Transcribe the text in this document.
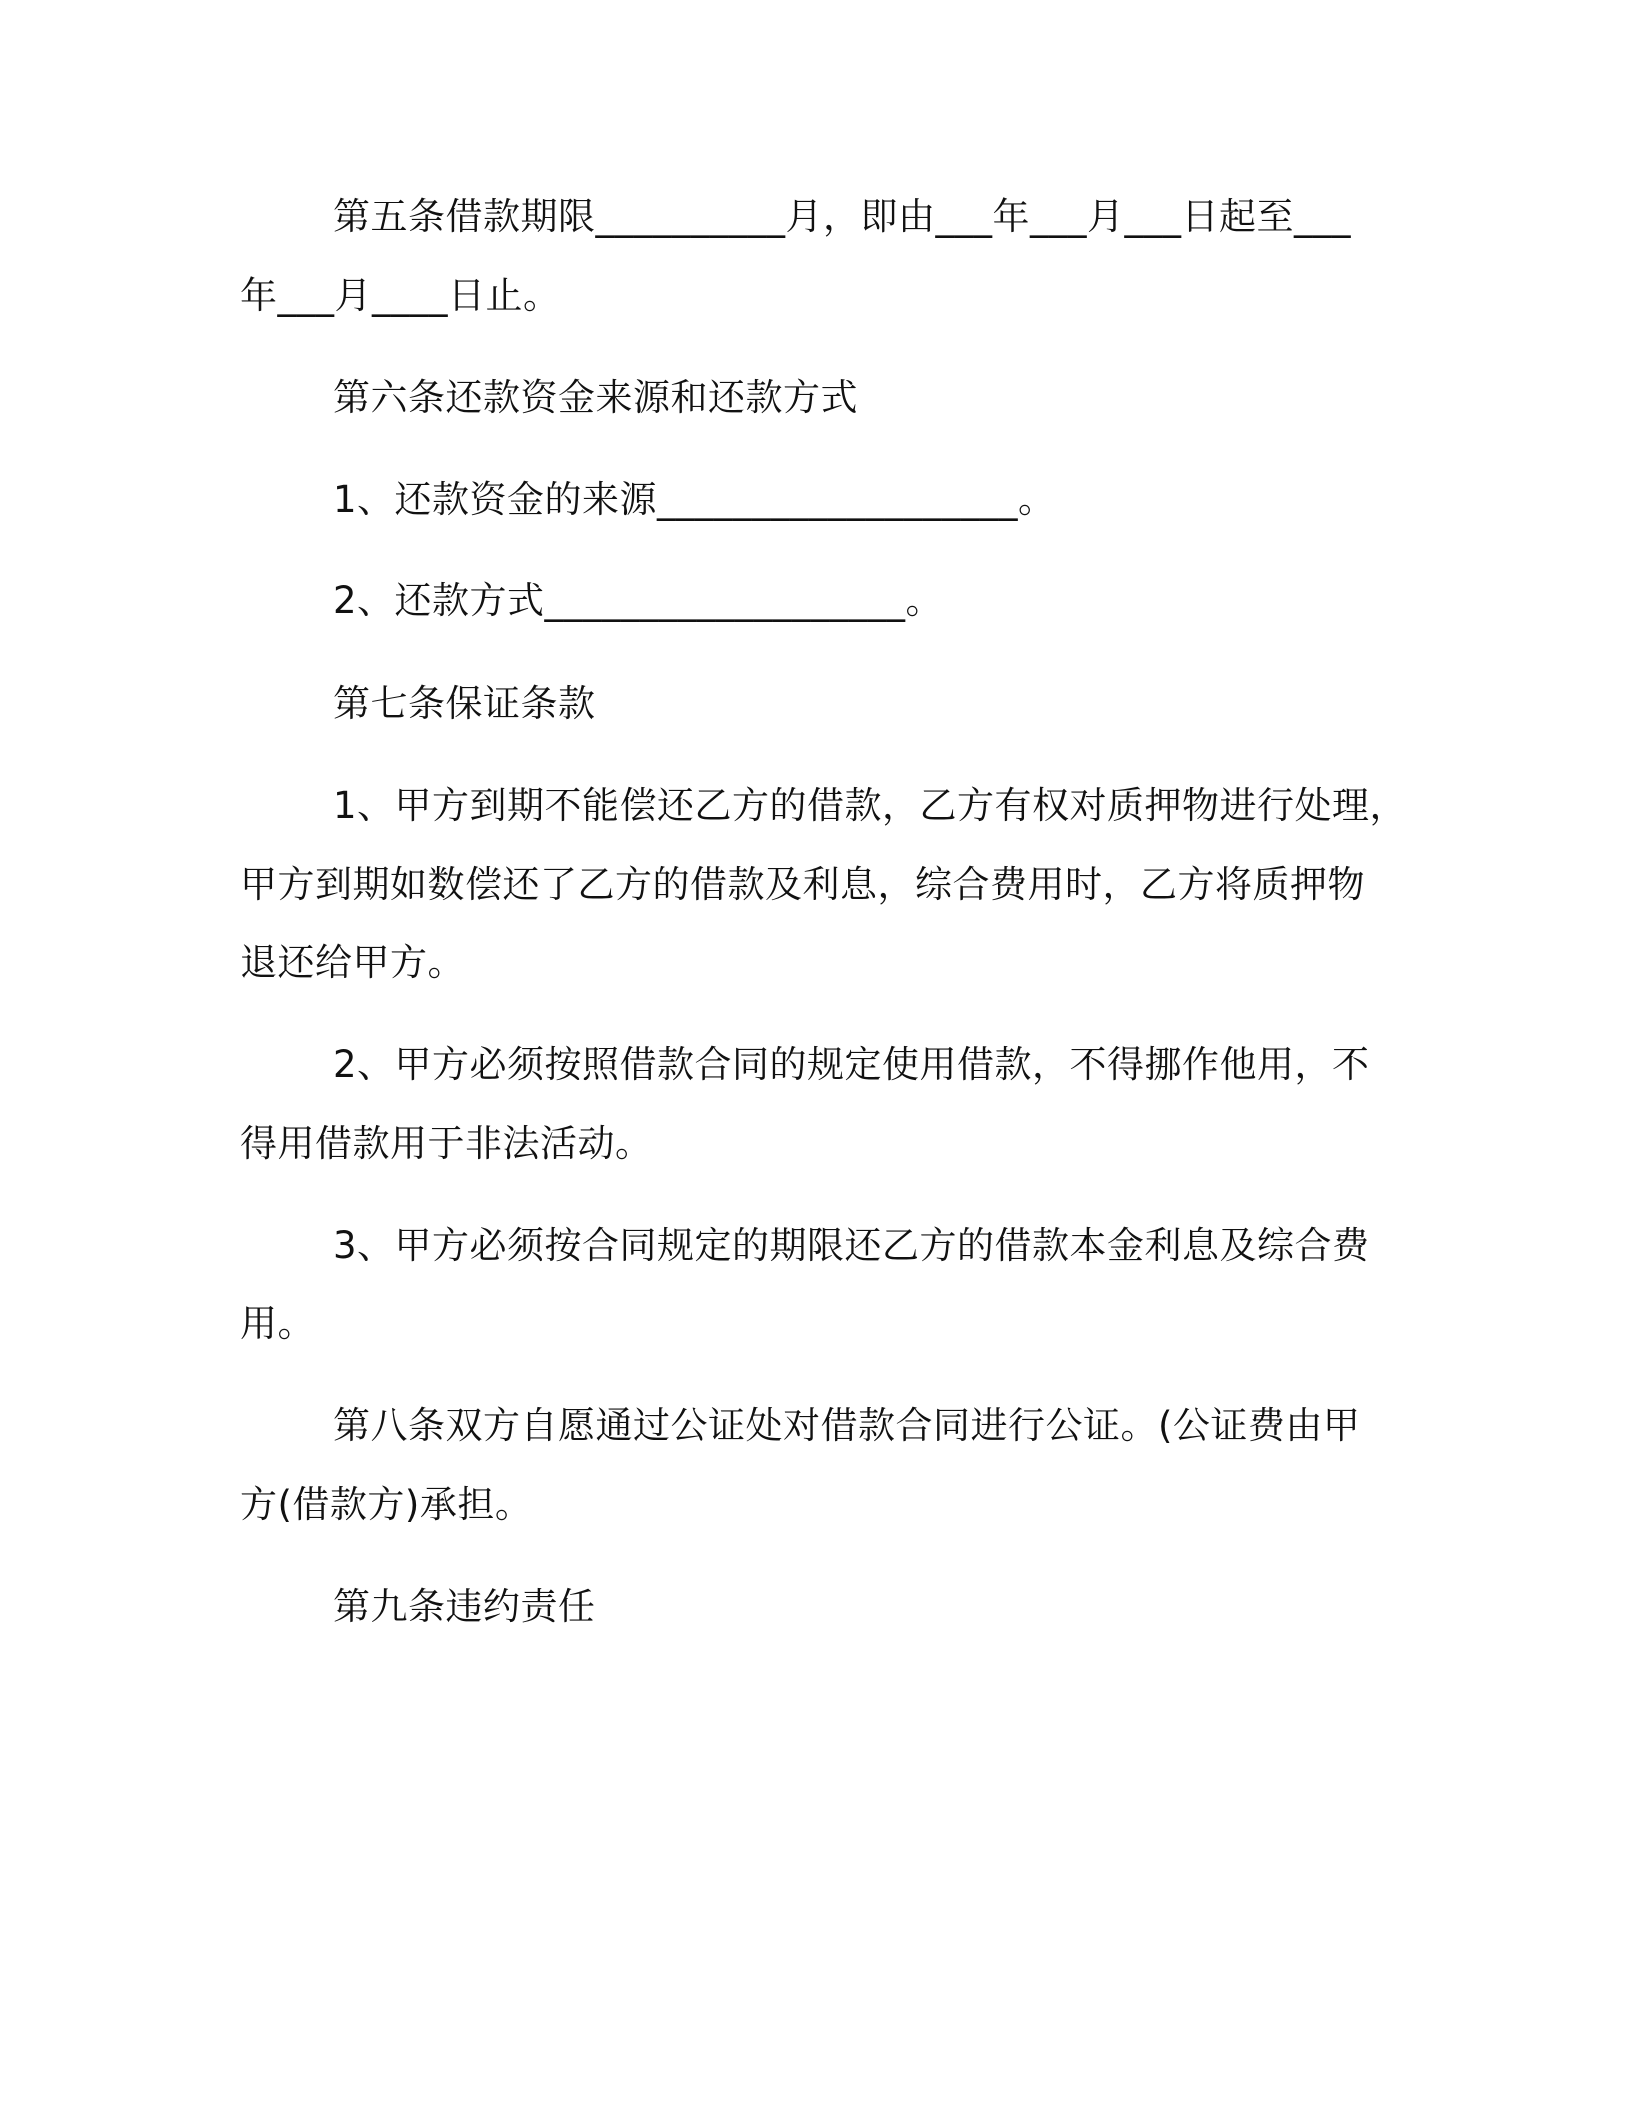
第五条借款期限__________月，即由___年___月___日起至___

年___月____日止。

第六条还款资金来源和还款方式

1、还款资金的来源___________________。

2、还款方式___________________。

第七条保证条款

1、甲方到期不能偿还乙方的借款，乙方有权对质押物进行处理，

甲方到期如数偿还了乙方的借款及利息，综合费用时，乙方将质押物

退还给甲方。

2、甲方必须按照借款合同的规定使用借款，不得挪作他用，不

得用借款用于非法活动。

3、甲方必须按合同规定的期限还乙方的借款本金利息及综合费

用。

第八条双方自愿通过公证处对借款合同进行公证。(公证费由甲

方(借款方)承担。

第九条违约责任
